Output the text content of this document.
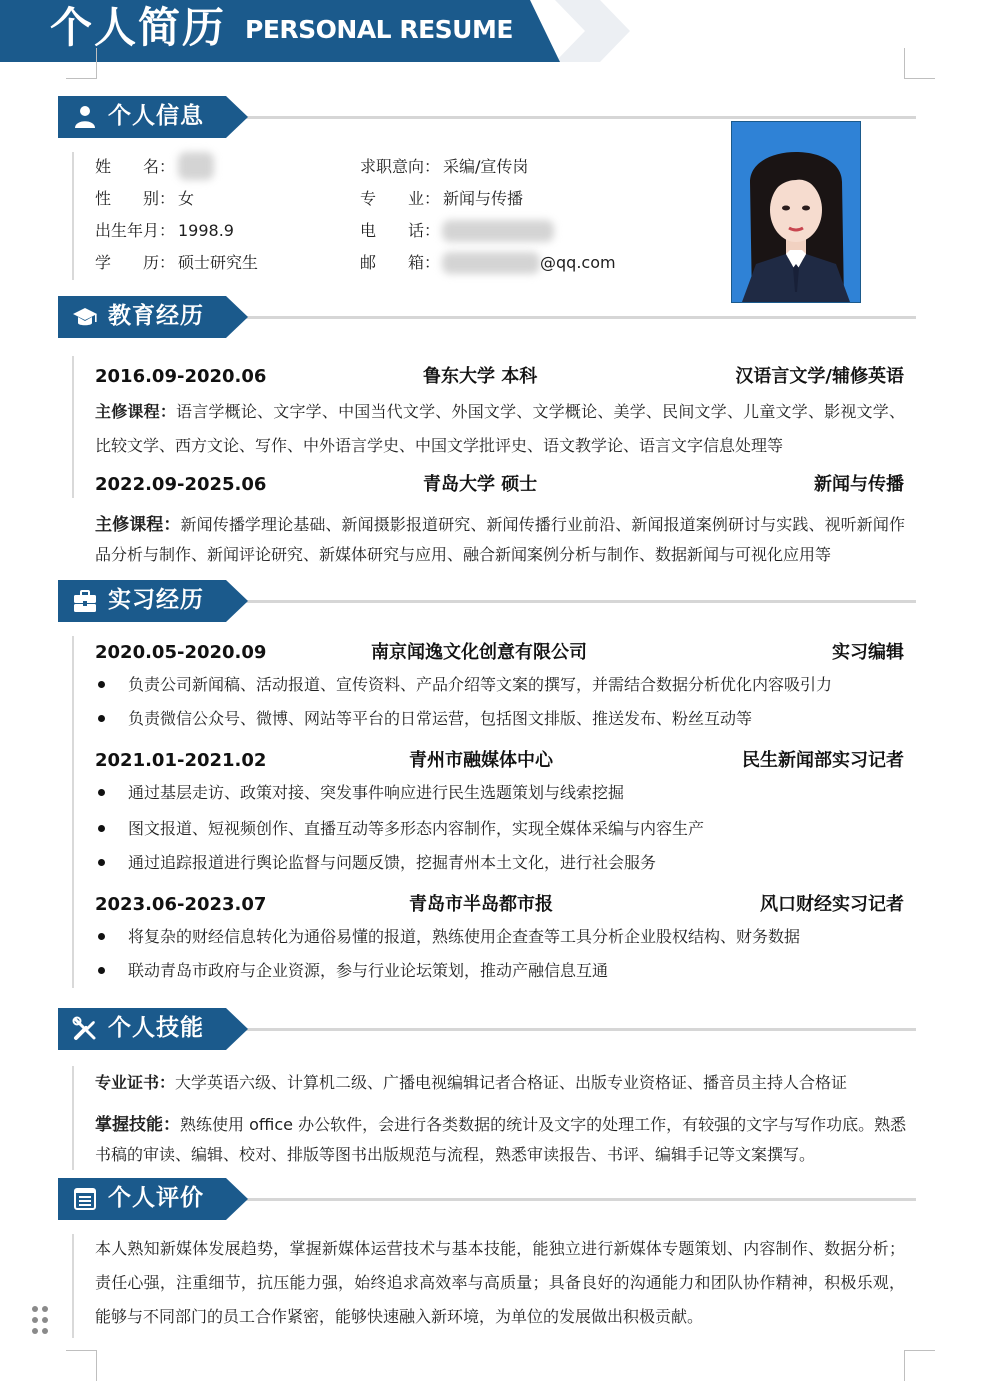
个人简历 PERSONAL RESUME
个人信息
姓　　名：
性　　别： 女
出生年月： 1998.9
学　　历： 硕士研究生
求职意向： 采编/宣传岗
专　　业： 新闻与传播
电　　话：
邮　　箱：	@qq.com
教育经历
2016.09-2020.06	鲁东大学 本科	汉语言文学/辅修英语
主修课程：语言学概论、文字学、中国当代文学、外国文学、文学概论、美学、民间文学、儿童文学、影视文学、比较文学、西方文论、写作、中外语言学史、中国文学批评史、语文教学论、语言文字信息处理等
2022.09-2025.06	青岛大学 硕士	新闻与传播
主修课程：新闻传播学理论基础、新闻摄影报道研究、新闻传播行业前沿、新闻报道案例研讨与实践、视听新闻作品分析与制作、新闻评论研究、新媒体研究与应用、融合新闻案例分析与制作、数据新闻与可视化应用等
实习经历
2020.05-2020.09	南京闻逸文化创意有限公司	实习编辑
负责公司新闻稿、活动报道、宣传资料、产品介绍等文案的撰写，并需结合数据分析优化内容吸引力
负责微信公众号、微博、网站等平台的日常运营，包括图文排版、推送发布、粉丝互动等
2021.01-2021.02	青州市融媒体中心	民生新闻部实习记者
通过基层走访、政策对接、突发事件响应进行民生选题策划与线索挖掘
图文报道、短视频创作、直播互动等多形态内容制作，实现全媒体采编与内容生产
通过追踪报道进行舆论监督与问题反馈，挖掘青州本土文化，进行社会服务
2023.06-2023.07	青岛市半岛都市报	风口财经实习记者
将复杂的财经信息转化为通俗易懂的报道，熟练使用企查查等工具分析企业股权结构、财务数据
联动青岛市政府与企业资源，参与行业论坛策划，推动产融信息互通
个人技能
专业证书：大学英语六级、计算机二级、广播电视编辑记者合格证、出版专业资格证、播音员主持人合格证
掌握技能：熟练使用 office 办公软件，会进行各类数据的统计及文字的处理工作，有较强的文字与写作功底。熟悉书稿的审读、编辑、校对、排版等图书出版规范与流程，熟悉审读报告、书评、编辑手记等文案撰写。
个人评价
本人熟知新媒体发展趋势，掌握新媒体运营技术与基本技能，能独立进行新媒体专题策划、内容制作、数据分析；责任心强，注重细节，抗压能力强，始终追求高效率与高质量；具备良好的沟通能力和团队协作精神，积极乐观，能够与不同部门的员工合作紧密，能够快速融入新环境，为单位的发展做出积极贡献。
